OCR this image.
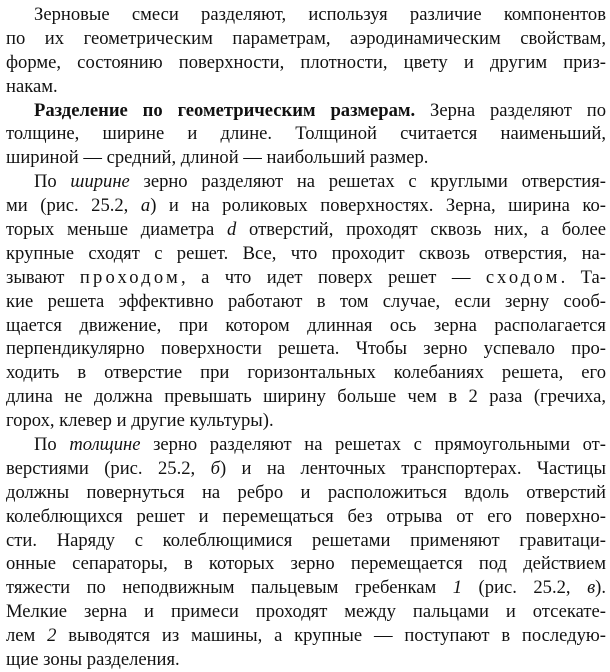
Зерновые смеси разделяют, используя различие компонентов
по их геометрическим параметрам, аэродинамическим свойствам,
форме, состоянию поверхности, плотности, цвету и другим приз-
накам.
Разделение по геометрическим размерам. Зерна разделяют по
толщине, ширине и длине. Толщиной считается наименьший,
шириной — средний, длиной — наибольший размер.
По ширине зерно разделяют на решетах с круглыми отверстия-
ми (рис. 25.2, а) и на роликовых поверхностях. Зерна, ширина ко-
торых меньше диаметра d отверстий, проходят сквозь них, а более
крупные сходят с решет. Все, что проходит сквозь отверстия, на-
зывают проходом, а что идет поверх решет — сходом. Та-
кие решета эффективно работают в том случае, если зерну сооб-
щается движение, при котором длинная ось зерна располагается
перпендикулярно поверхности решета. Чтобы зерно успевало про-
ходить в отверстие при горизонтальных колебаниях решета, его
длина не должна превышать ширину больше чем в 2 раза (гречиха,
горох, клевер и другие культуры).
По толщине зерно разделяют на решетах с прямоугольными от-
верстиями (рис. 25.2, б) и на ленточных транспортерах. Частицы
должны повернуться на ребро и расположиться вдоль отверстий
колеблющихся решет и перемещаться без отрыва от его поверхно-
сти. Наряду с колеблющимися решетами применяют гравитаци-
онные сепараторы, в которых зерно перемещается под действием
тяжести по неподвижным пальцевым гребенкам 1 (рис. 25.2, в).
Мелкие зерна и примеси проходят между пальцами и отсекате-
лем 2 выводятся из машины, а крупные — поступают в последую-
щие зоны разделения.
